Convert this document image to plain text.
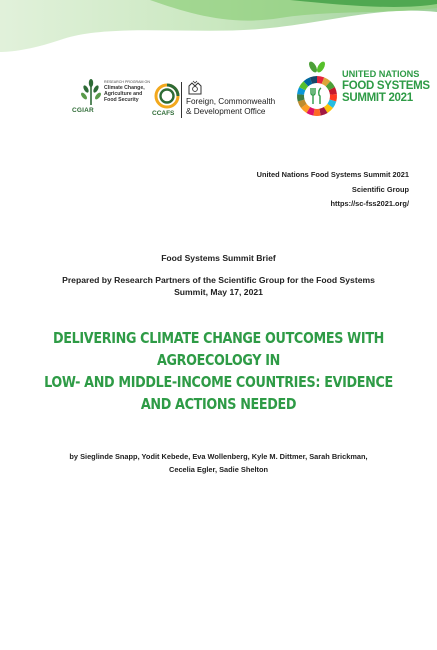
CGIAR
RESEARCH PROGRAM ON
Climate Change,
Agriculture and
Food Security
CCAFS
Foreign, Commonwealth
& Development Office
UNITED NATIONS
FOOD SYSTEMS
SUMMIT 2021
United Nations Food Systems Summit 2021
Scientific Group
https://sc-fss2021.org/
Food Systems Summit Brief
Prepared by Research Partners of the Scientific Group for the Food Systems
Summit, May 17, 2021
DELIVERING CLIMATE CHANGE OUTCOMES WITH
AGROECOLOGY IN
LOW- AND MIDDLE-INCOME COUNTRIES: EVIDENCE
AND ACTIONS NEEDED
by Sieglinde Snapp, Yodit Kebede, Eva Wollenberg, Kyle M. Dittmer, Sarah Brickman,
Cecelia Egler, Sadie Shelton
